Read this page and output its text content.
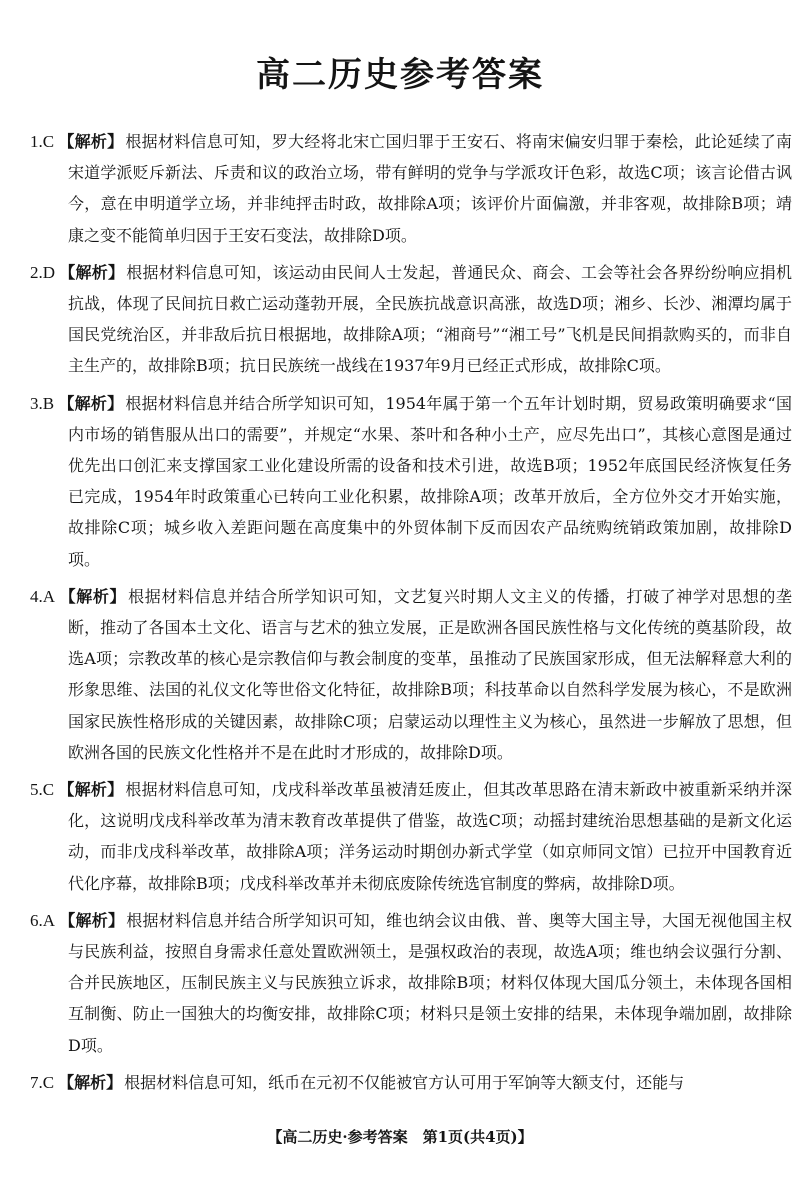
高二历史参考答案

1.C 【解析】 根据材料信息可知，罗大经将北宋亡国归罪于王安石、将南宋偏安归罪于秦桧，此论延续了南宋道学派贬斥新法、斥责和议的政治立场，带有鲜明的党争与学派攻讦色彩，故选C项；该言论借古讽今，意在申明道学立场，并非纯抨击时政，故排除A项；该评价片面偏激，并非客观，故排除B项；靖康之变不能简单归因于王安石变法，故排除D项。

2.D 【解析】 根据材料信息可知，该运动由民间人士发起，普通民众、商会、工会等社会各界纷纷响应捐机抗战，体现了民间抗日救亡运动蓬勃开展，全民族抗战意识高涨，故选D项；湘乡、长沙、湘潭均属于国民党统治区，并非敌后抗日根据地，故排除A项；“湘商号”“湘工号”飞机是民间捐款购买的，而非自主生产的，故排除B项；抗日民族统一战线在1937年9月已经正式形成，故排除C项。

3.B 【解析】 根据材料信息并结合所学知识可知，1954年属于第一个五年计划时期，贸易政策明确要求“国内市场的销售服从出口的需要”，并规定“水果、茶叶和各种小土产，应尽先出口”，其核心意图是通过优先出口创汇来支撑国家工业化建设所需的设备和技术引进，故选B项；1952年底国民经济恢复任务已完成，1954年时政策重心已转向工业化积累，故排除A项；改革开放后，全方位外交才开始实施，故排除C项；城乡收入差距问题在高度集中的外贸体制下反而因农产品统购统销政策加剧，故排除D项。

4.A 【解析】 根据材料信息并结合所学知识可知，文艺复兴时期人文主义的传播，打破了神学对思想的垄断，推动了各国本土文化、语言与艺术的独立发展，正是欧洲各国民族性格与文化传统的奠基阶段，故选A项；宗教改革的核心是宗教信仰与教会制度的变革，虽推动了民族国家形成，但无法解释意大利的形象思维、法国的礼仪文化等世俗文化特征，故排除B项；科技革命以自然科学发展为核心，不是欧洲国家民族性格形成的关键因素，故排除C项；启蒙运动以理性主义为核心，虽然进一步解放了思想，但欧洲各国的民族文化性格并不是在此时才形成的，故排除D项。

5.C 【解析】 根据材料信息可知，戊戌科举改革虽被清廷废止，但其改革思路在清末新政中被重新采纳并深化，这说明戊戌科举改革为清末教育改革提供了借鉴，故选C项；动摇封建统治思想基础的是新文化运动，而非戊戌科举改革，故排除A项；洋务运动时期创办新式学堂（如京师同文馆）已拉开中国教育近代化序幕，故排除B项；戊戌科举改革并未彻底废除传统选官制度的弊病，故排除D项。

6.A 【解析】 根据材料信息并结合所学知识可知，维也纳会议由俄、普、奥等大国主导，大国无视他国主权与民族利益，按照自身需求任意处置欧洲领土，是强权政治的表现，故选A项；维也纳会议强行分割、合并民族地区，压制民族主义与民族独立诉求，故排除B项；材料仅体现大国瓜分领土，未体现各国相互制衡、防止一国独大的均衡安排，故排除C项；材料只是领土安排的结果，未体现争端加剧，故排除D项。

7.C 【解析】 根据材料信息可知，纸币在元初不仅能被官方认可用于军饷等大额支付，还能与

【高二历史·参考答案　第1页(共4页)】
